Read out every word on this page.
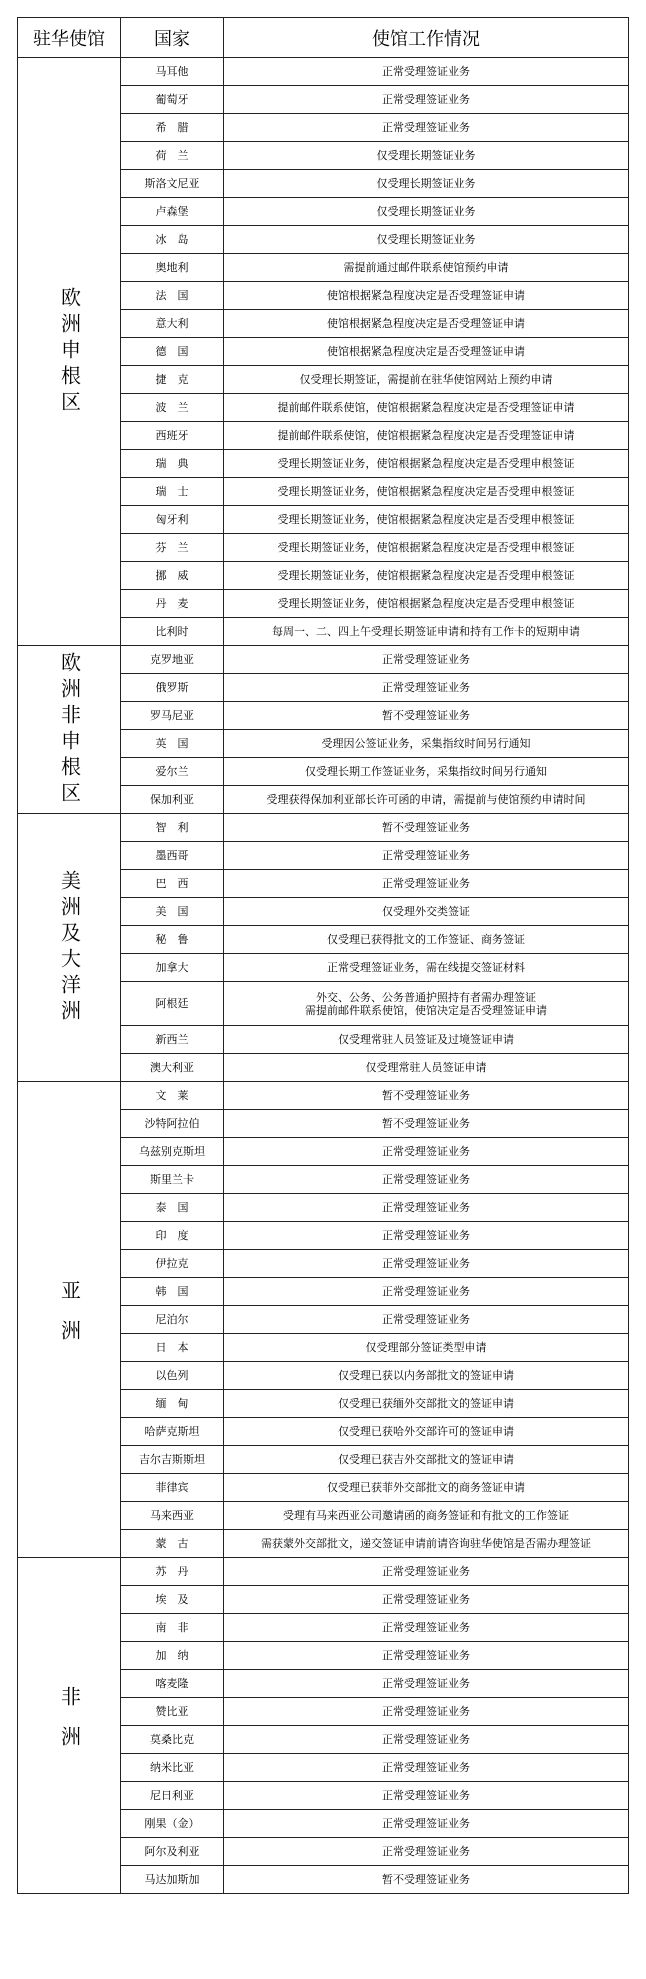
驻华使馆	国家	使馆工作情况
欧洲申根区	马耳他	正常受理签证业务
	葡萄牙	正常受理签证业务
	希　腊	正常受理签证业务
	荷　兰	仅受理长期签证业务
	斯洛文尼亚	仅受理长期签证业务
	卢森堡	仅受理长期签证业务
	冰　岛	仅受理长期签证业务
	奥地利	需提前通过邮件联系使馆预约申请
	法　国	使馆根据紧急程度决定是否受理签证申请
	意大利	使馆根据紧急程度决定是否受理签证申请
	德　国	使馆根据紧急程度决定是否受理签证申请
	捷　克	仅受理长期签证，需提前在驻华使馆网站上预约申请
	波　兰	提前邮件联系使馆，使馆根据紧急程度决定是否受理签证申请
	西班牙	提前邮件联系使馆，使馆根据紧急程度决定是否受理签证申请
	瑞　典	受理长期签证业务，使馆根据紧急程度决定是否受理申根签证
	瑞　士	受理长期签证业务，使馆根据紧急程度决定是否受理申根签证
	匈牙利	受理长期签证业务，使馆根据紧急程度决定是否受理申根签证
	芬　兰	受理长期签证业务，使馆根据紧急程度决定是否受理申根签证
	挪　威	受理长期签证业务，使馆根据紧急程度决定是否受理申根签证
	丹　麦	受理长期签证业务，使馆根据紧急程度决定是否受理申根签证
	比利时	每周一、二、四上午受理长期签证申请和持有工作卡的短期申请
欧洲非申根区	克罗地亚	正常受理签证业务
	俄罗斯	正常受理签证业务
	罗马尼亚	暂不受理签证业务
	英　国	受理因公签证业务，采集指纹时间另行通知
	爱尔兰	仅受理长期工作签证业务，采集指纹时间另行通知
	保加利亚	受理获得保加利亚部长许可函的申请，需提前与使馆预约申请时间
美洲及大洋洲	智　利	暂不受理签证业务
	墨西哥	正常受理签证业务
	巴　西	正常受理签证业务
	美　国	仅受理外交类签证
	秘　鲁	仅受理已获得批文的工作签证、商务签证
	加拿大	正常受理签证业务，需在线提交签证材料
	阿根廷	外交、公务、公务普通护照持有者需办理签证
需提前邮件联系使馆，使馆决定是否受理签证申请

	新西兰	仅受理常驻人员签证及过境签证申请
	澳大利亚	仅受理常驻人员签证申请
亚洲	文　莱	暂不受理签证业务
	沙特阿拉伯	暂不受理签证业务
	乌兹别克斯坦	正常受理签证业务
	斯里兰卡	正常受理签证业务
	泰　国	正常受理签证业务
	印　度	正常受理签证业务
	伊拉克	正常受理签证业务
	韩　国	正常受理签证业务
	尼泊尔	正常受理签证业务
	日　本	仅受理部分签证类型申请
	以色列	仅受理已获以内务部批文的签证申请
	缅　甸	仅受理已获缅外交部批文的签证申请
	哈萨克斯坦	仅受理已获哈外交部许可的签证申请
	吉尔吉斯斯坦	仅受理已获吉外交部批文的签证申请
	菲律宾	仅受理已获菲外交部批文的商务签证申请
	马来西亚	受理有马来西亚公司邀请函的商务签证和有批文的工作签证
	蒙　古	需获蒙外交部批文，递交签证申请前请咨询驻华使馆是否需办理签证
非洲	苏　丹	正常受理签证业务
	埃　及	正常受理签证业务
	南　非	正常受理签证业务
	加　纳	正常受理签证业务
	喀麦隆	正常受理签证业务
	赞比亚	正常受理签证业务
	莫桑比克	正常受理签证业务
	纳米比亚	正常受理签证业务
	尼日利亚	正常受理签证业务
	刚果（金）	正常受理签证业务
	阿尔及利亚	正常受理签证业务
	马达加斯加	暂不受理签证业务
